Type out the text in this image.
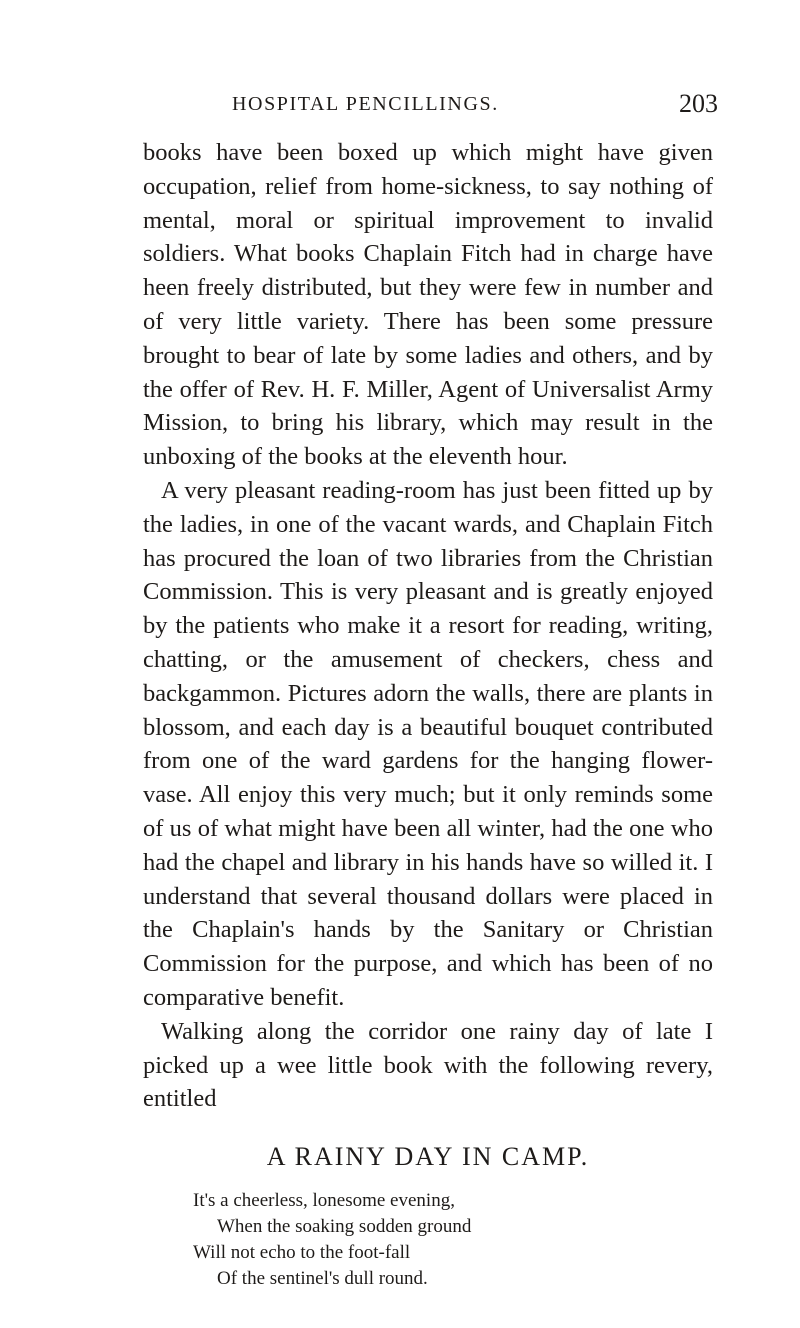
HOSPITAL PENCILLINGS.	203

books have been boxed up which might have given occupation, relief from home-sickness, to say nothing of mental, moral or spiritual improvement to invalid soldiers. What books Chaplain Fitch had in charge have heen freely distributed, but they were few in number and of very little variety. There has been some pressure brought to bear of late by some ladies and others, and by the offer of Rev. H. F. Miller, Agent of Universalist Army Mission, to bring his library, which may result in the unboxing of the books at the eleventh hour.

A very pleasant reading-room has just been fitted up by the ladies, in one of the vacant wards, and Chaplain Fitch has procured the loan of two libraries from the Christian Commission. This is very pleasant and is greatly enjoyed by the patients who make it a resort for reading, writing, chatting, or the amusement of checkers, chess and backgammon. Pictures adorn the walls, there are plants in blossom, and each day is a beautiful bouquet contributed from one of the ward gardens for the hanging flower-vase. All enjoy this very much; but it only reminds some of us of what might have been all winter, had the one who had the chapel and library in his hands have so willed it. I understand that several thousand dollars were placed in the Chaplain's hands by the Sanitary or Christian Commission for the purpose, and which has been of no comparative benefit.

Walking along the corridor one rainy day of late I picked up a wee little book with the following revery, entitled

A RAINY DAY IN CAMP.
It's a cheerless, lonesome evening,
When the soaking sodden ground
Will not echo to the foot-fall
Of the sentinel's dull round.
